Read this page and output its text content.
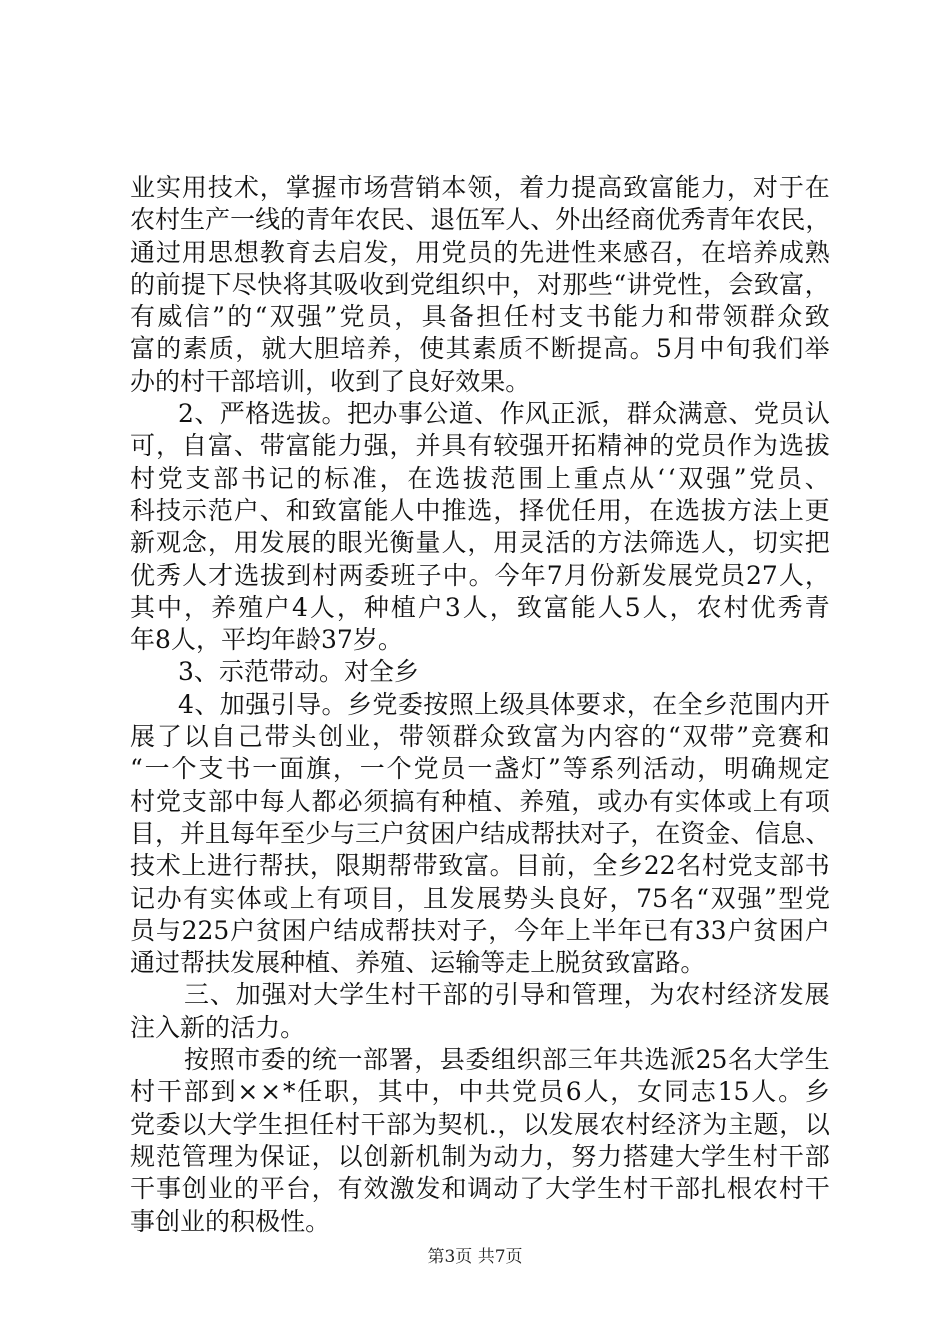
业 实 用 技 术 ， 掌 握 市 场 营 销 本 领 ， 着 力 提 高 致 富 能 力 ， 对 于 在
农 村 生 产 一 线 的 青 年 农 民 、 退 伍 军 人 、 外 出 经 商 优 秀 青 年 农 民 ，
通 过 用 思 想 教 育 去 启 发 ， 用 党 员 的 先 进 性 来 感 召 ， 在 培 养 成 熟
的 前 提 下 尽 快 将 其 吸 收 到 党 组 织 中 ， 对 那 些 “ 讲 党 性 ， 会 致 富 ，
有 威 信 ” 的 “ 双 强 ” 党 员 ， 具 备 担 任 村 支 书 能 力 和 带 领 群 众 致
富 的 素 质 ， 就 大 胆 培 养 ， 使 其 素 质 不 断 提 高 。 5 月 中 旬 我 们 举
办 的 村 干 部 培 训 ， 收 到 了 良 好 效 果 。
2 、 严 格 选 拔 。 把 办 事 公 道 、 作 风 正 派 ， 群 众 满 意 、 党 员 认
可 ， 自 富 、 带 富 能 力 强 ， 并 具 有 较 强 开 拓 精 神 的 党 员 作 为 选 拔
村 党 支 部 书 记 的 标 准 ， 在 选 拔 范 围 上 重 点 从 ‘ ‘ 双 强 ” 党 员 、
科 技 示 范 户 、 和 致 富 能 人 中 推 选 ， 择 优 任 用 ， 在 选 拔 方 法 上 更
新 观 念 ， 用 发 展 的 眼 光 衡 量 人 ， 用 灵 活 的 方 法 筛 选 人 ， 切 实 把
优 秀 人 才 选 拔 到 村 两 委 班 子 中 。 今 年 7 月 份 新 发 展 党 员 27 人 ，
其 中 ， 养 殖 户 4 人 ， 种 植 户 3 人 ， 致 富 能 人 5 人 ， 农 村 优 秀 青
年 8 人 ， 平 均 年 龄 37 岁 。
3 、 示 范 带 动 。 对 全 乡
4 、 加 强 引 导 。 乡 党 委 按 照 上 级 具 体 要 求 ， 在 全 乡 范 围 内 开
展 了 以 自 己 带 头 创 业 ， 带 领 群 众 致 富 为 内 容 的 “ 双 带 ” 竞 赛 和
“ 一 个 支 书 一 面 旗 ， 一 个 党 员 一 盏 灯 ” 等 系 列 活 动 ， 明 确 规 定
村 党 支 部 中 每 人 都 必 须 搞 有 种 植 、 养 殖 ， 或 办 有 实 体 或 上 有 项
目 ， 并 且 每 年 至 少 与 三 户 贫 困 户 结 成 帮 扶 对 子 ， 在 资 金 、 信 息 、
技 术 上 进 行 帮 扶 ， 限 期 帮 带 致 富 。 目 前 ， 全 乡 22 名 村 党 支 部 书
记 办 有 实 体 或 上 有 项 目 ， 且 发 展 势 头 良 好 ， 75 名 “ 双 强 ” 型 党
员 与 225 户 贫 困 户 结 成 帮 扶 对 子 ， 今 年 上 半 年 已 有 33 户 贫 困 户
通 过 帮 扶 发 展 种 植 、 养 殖 、 运 输 等 走 上 脱 贫 致 富 路 。
三 、 加 强 对 大 学 生 村 干 部 的 引 导 和 管 理 ， 为 农 村 经 济 发 展
注 入 新 的 活 力 。
按 照 市 委 的 统 一 部 署 ， 县 委 组 织 部 三 年 共 选 派 25 名 大 学 生
村 干 部 到 × × * 任 职 ， 其 中 ， 中 共 党 员 6 人 ， 女 同 志 15 人 。 乡
党 委 以 大 学 生 担 任 村 干 部 为 契 机 . ， 以 发 展 农 村 经 济 为 主 题 ， 以
规 范 管 理 为 保 证 ， 以 创 新 机 制 为 动 力 ， 努 力 搭 建 大 学 生 村 干 部
干 事 创 业 的 平 台 ， 有 效 激 发 和 调 动 了 大 学 生 村 干 部 扎 根 农 村 干
事 创 业 的 积 极 性 。
第3页 共7页
